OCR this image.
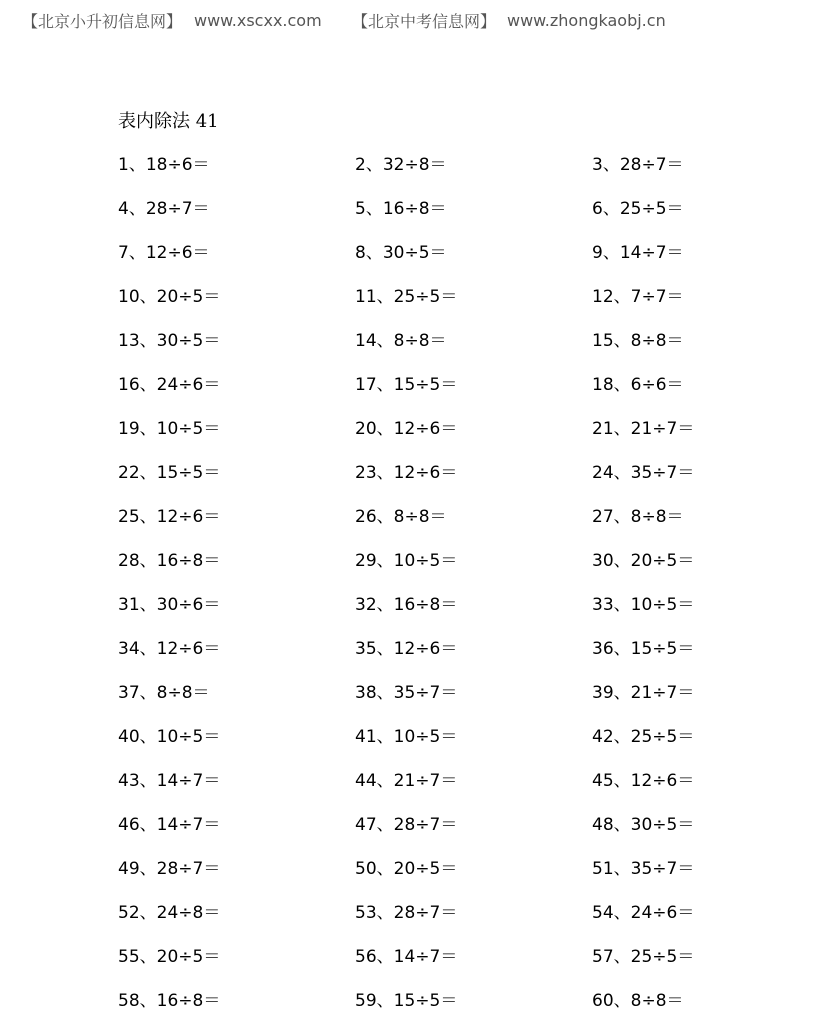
【北京小升初信息网】 www.xscxx.com	【北京中考信息网】 www.zhongkaobj.cn
表内除法 41
1、18÷6＝	2、32÷8＝	3、28÷7＝
4、28÷7＝	5、16÷8＝	6、25÷5＝
7、12÷6＝	8、30÷5＝	9、14÷7＝
10、20÷5＝	11、25÷5＝	12、7÷7＝
13、30÷5＝	14、8÷8＝	15、8÷8＝
16、24÷6＝	17、15÷5＝	18、6÷6＝
19、10÷5＝	20、12÷6＝	21、21÷7＝
22、15÷5＝	23、12÷6＝	24、35÷7＝
25、12÷6＝	26、8÷8＝	27、8÷8＝
28、16÷8＝	29、10÷5＝	30、20÷5＝
31、30÷6＝	32、16÷8＝	33、10÷5＝
34、12÷6＝	35、12÷6＝	36、15÷5＝
37、8÷8＝	38、35÷7＝	39、21÷7＝
40、10÷5＝	41、10÷5＝	42、25÷5＝
43、14÷7＝	44、21÷7＝	45、12÷6＝
46、14÷7＝	47、28÷7＝	48、30÷5＝
49、28÷7＝	50、20÷5＝	51、35÷7＝
52、24÷8＝	53、28÷7＝	54、24÷6＝
55、20÷5＝	56、14÷7＝	57、25÷5＝
58、16÷8＝	59、15÷5＝	60、8÷8＝
